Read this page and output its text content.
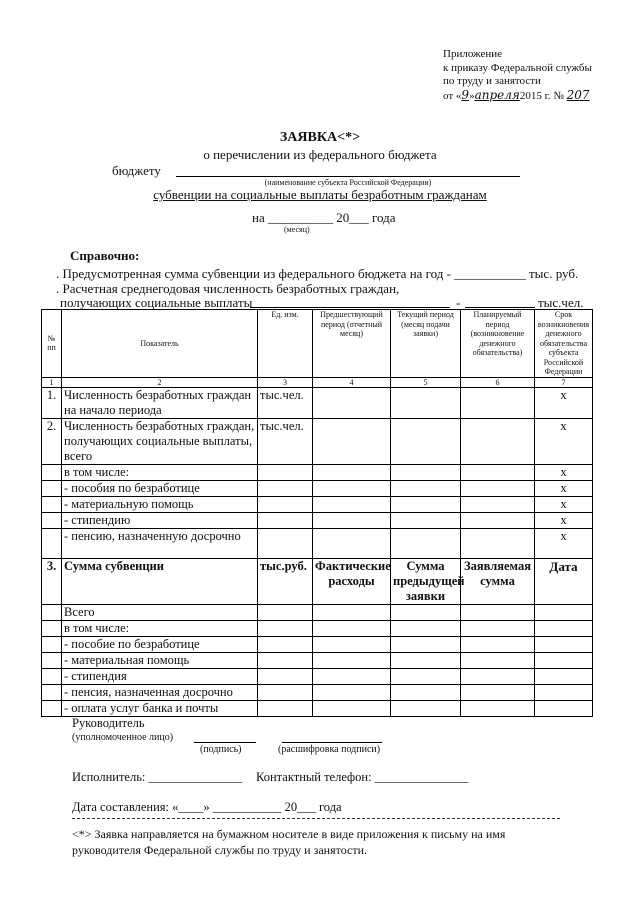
Приложение
к приказу Федеральной службы
по труду и занятости
от «9»апреля2015 г. № 207
ЗАЯВКА<*>
о перечислении из федерального бюджета
бюджету
(наименование субъекта Российской Федерации)
субвенции на социальные выплаты безработным гражданам
на __________ 20___ года
(месяц)
Справочно:
. Предусмотренная сумма субвенции из федерального бюджета на год - ___________ тыс. руб.
. Расчетная среднегодовая численность безработных граждан,
получающих социальные выплаты	-	тыс.чел.
№ пп	Показатель	Ед. изм.	Предшествующий период (отчетный месяц)	Текущий период (месяц подачи заявки)	Планируемый период (возникновение денежного обязательства)	Срок возникновения денежного обязательства субъекта Российской Федерации
1	2	3	4	5	6	7
1.	Численность безработных граждан на начало периода	тыс.чел.				х
2.	Численность безработных граждан, получающих социальные выплаты, всего	тыс.чел.				х
	в том числе:					х
	- пособия по безработице					х
	- материальную помощь					х
	- стипендию					х
	- пенсию, назначенную досрочно					х
3.	Сумма субвенции	тыс.руб.	Фактические расходы	Сумма предыдущей заявки	Заявляемая сумма	Дата
	Всего					
	в том числе:					
	- пособие по безработице					
	- материальная помощь					
	- стипендия					
	- пенсия, назначенная досрочно					
	- оплата услуг банка и почты					
Руководитель
(уполномоченное лицо)
(подпись)	(расшифровка подписи)
Исполнитель: _______________ Контактный телефон: _______________
Дата составления: «____» ___________ 20___ года
<*> Заявка направляется на бумажном носителе в виде приложения к письму на имя руководителя Федеральной службы по труду и занятости.
